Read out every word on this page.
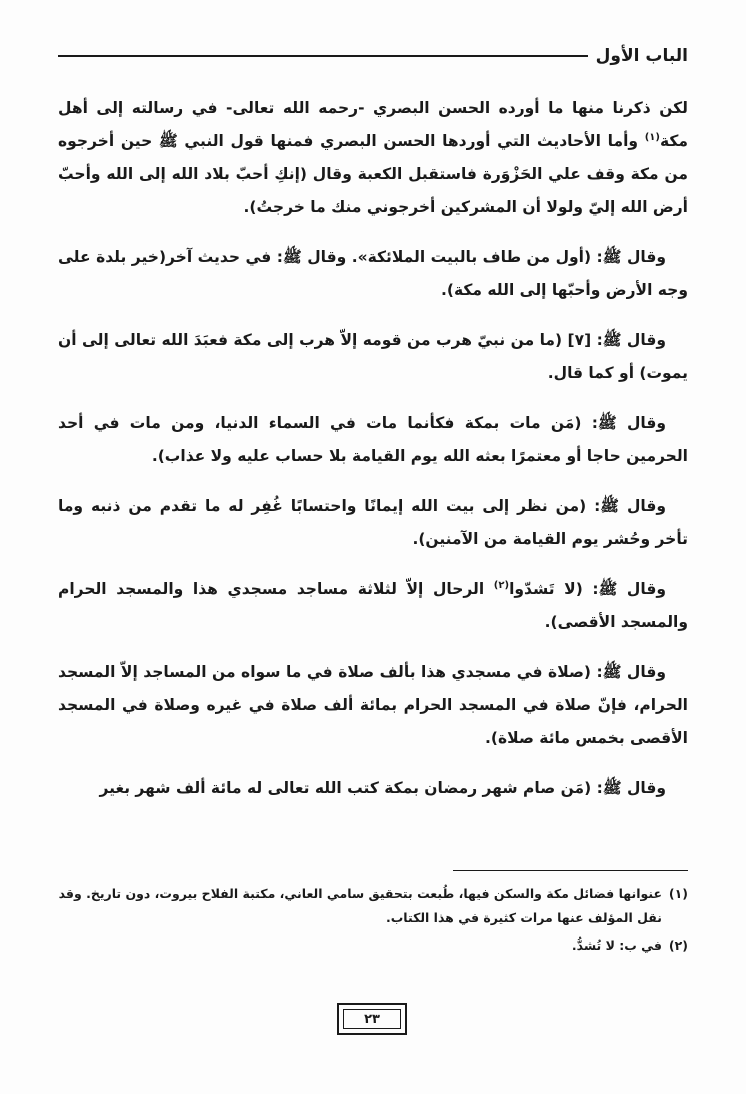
الباب الأول

لكن ذكرنا منها ما أورده الحسن البصري -رحمه الله تعالى- في رسالته إلى أهل مكة$^{(١)}$ وأما الأحاديث التي أوردها الحسن البصري فمنها قول النبي ﷺ حين أخرجوه من مكة وقف علي الحَزْوَرة فاستقبل الكعبة وقال (إنكِ أحبّ بلاد الله إلى الله وأحبّ أرض الله إليّ ولولا أن المشركين أخرجوني منك ما خرجتُ).

وقال ﷺ: (أول من طاف بالبيت الملائكة». وقال ﷺ: في حديث آخر(خير بلدة على وجه الأرض وأحبّها إلى الله مكة).

وقال ﷺ: [٧] (ما من نبيّ هرب من قومه إلاّ هرب إلى مكة فعبَدَ الله تعالى إلى أن يموت) أو كما قال.

وقال ﷺ: (مَن مات بمكة فكأنما مات في السماء الدنيا، ومن مات في أحد الحرمين حاجا أو معتمرًا بعثه الله يوم القيامة بلا حساب عليه ولا عذاب).

وقال ﷺ: (من نظر إلى بيت الله إيمانًا واحتسابًا غُفِر له ما تقدم من ذنبه وما تأخر وحُشر يوم القيامة من الآمنين).

وقال ﷺ: (لا تَشدّوا$^{(٢)}$ الرحال إلاّ لثلاثة مساجد مسجدي هذا والمسجد الحرام والمسجد الأقصى).

وقال ﷺ: (صلاة في مسجدي هذا بألف صلاة في ما سواه من المساجد إلاّ المسجد الحرام، فإنّ صلاة في المسجد الحرام بمائة ألف صلاة في غيره وصلاة في المسجد الأقصى بخمس مائة صلاة).

وقال ﷺ: (مَن صام شهر رمضان بمكة كتب الله تعالى له مائة ألف شهر بغير

(١)
عنوانها فضائل مكة والسكن فيها، طُبعت بتحقيق سامي العاني، مكتبة الفلاح بيروت، دون تاريخ. وقد نقل المؤلف عنها مرات كثيرة في هذا الكتاب.
(٢)
في ب: لا تُشدُّ.
٢٣
